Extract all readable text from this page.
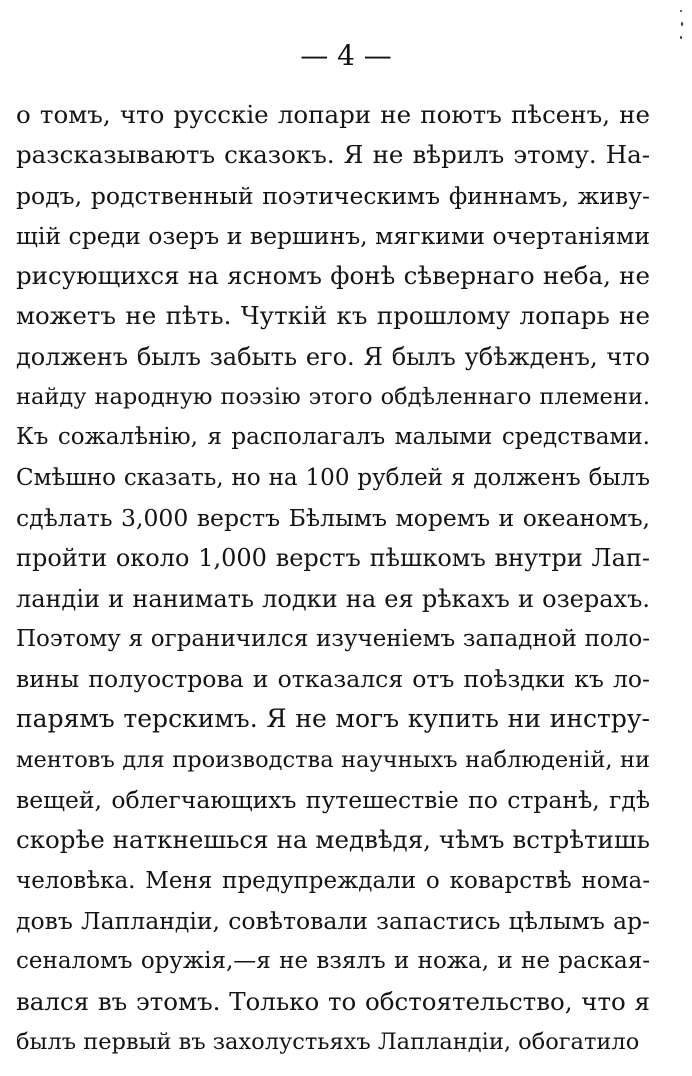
— 4 —
о томъ, что русскіе лопари не поютъ пѣсенъ, не
разсказываютъ сказокъ. Я не вѣрилъ этому. На-
родъ, родственный поэтическимъ финнамъ, живу-
щій среди озеръ и вершинъ, мягкими очертаніями
рисующихся на ясномъ фонѣ сѣвернаго неба, не
можетъ не пѣть. Чуткій къ прошлому лопарь не
долженъ былъ забыть его. Я былъ убѣжденъ, что
найду народную поэзію этого обдѣленнаго племени.
Къ сожалѣнію, я располагалъ малыми средствами.
Смѣшно сказать, но на 100 рублей я долженъ былъ
сдѣлать 3,000 верстъ Бѣлымъ моремъ и океаномъ,
пройти около 1,000 верстъ пѣшкомъ внутри Лап-
ландіи и нанимать лодки на ея рѣкахъ и озерахъ.
Поэтому я ограничился изученіемъ западной поло-
вины полуострова и отказался отъ поѣздки къ ло-
парямъ терскимъ. Я не могъ купить ни инстру-
ментовъ для производства научныхъ наблюденій, ни
вещей, облегчающихъ путешествіе по странѣ, гдѣ
скорѣе наткнешься на медвѣдя, чѣмъ встрѣтишь
человѣка. Меня предупреждали о коварствѣ нома-
довъ Лапландіи, совѣтовали запастись цѣлымъ ар-
сеналомъ оружія,—я не взялъ и ножа, и не раская-
вался въ этомъ. Только то обстоятельство, что я
былъ первый въ захолустьяхъ Лапландіи, обогатило
